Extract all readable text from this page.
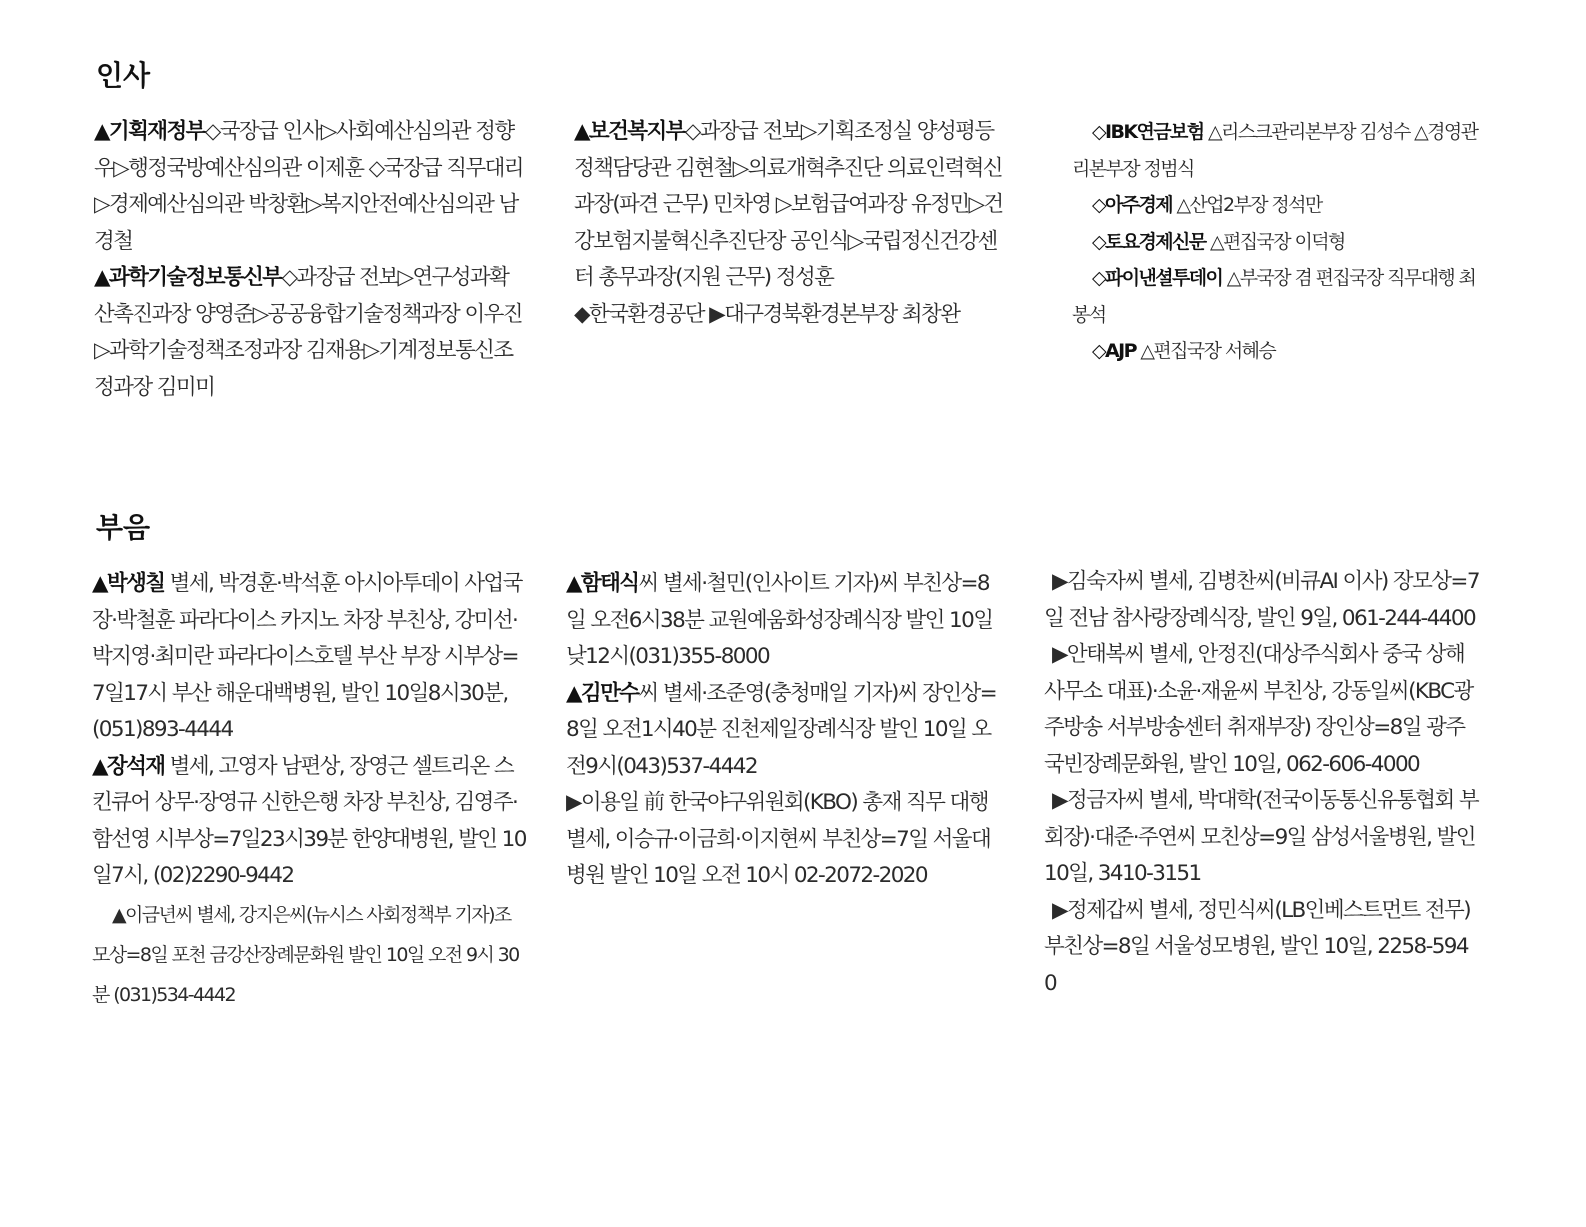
인사

▲기획재정부◇국장급 인사▷사회예산심의관 정향우▷행정국방예산심의관 이제훈 ◇국장급 직무대리▷경제예산심의관 박창환▷복지안전예산심의관 남경철

▲과학기술정보통신부◇과장급 전보▷연구성과확산촉진과장 양영준▷공공융합기술정책과장 이우진 ▷과학기술정책조정과장 김재용▷기계정보통신조정과장 김미미

▲보건복지부◇과장급 전보▷기획조정실 양성평등정책담당관 김현철▷의료개혁추진단 의료인력혁신과장(파견 근무) 민차영 ▷보험급여과장 유정민▷건강보험지불혁신추진단장 공인식▷국립정신건강센터 총무과장(지원 근무) 정성훈

◆한국환경공단 ▶대구경북환경본부장 최창완

◇IBK연금보험 △리스크관리본부장 김성수 △경영관리본부장 정범식

◇아주경제 △산업2부장 정석만

◇토요경제신문 △편집국장 이덕형

◇파이낸셜투데이 △부국장 겸 편집국장 직무대행 최봉석

◇AJP △편집국장 서혜승

부음

▲박생칠 별세, 박경훈·박석훈 아시아투데이 사업국장·박철훈 파라다이스 카지노 차장 부친상, 강미선·박지영·최미란 파라다이스호텔 부산 부장 시부상=7일17시 부산 해운대백병원, 발인 10일8시30분, (051)893-4444

▲장석재 별세, 고영자 남편상, 장영근 셀트리온 스킨큐어 상무·장영규 신한은행 차장 부친상, 김영주·함선영 시부상=7일23시39분 한양대병원, 발인 10일7시, (02)2290-9442

▲이금년씨 별세, 강지은씨(뉴시스 사회정책부 기자)조모상=8일 포천 금강산장례문화원 발인 10일 오전 9시 30분 (031)534-4442

▲함태식씨 별세·철민(인사이트 기자)씨 부친상=8일 오전6시38분 교원예움화성장례식장 발인 10일 낮12시(031)355-8000

▲김만수씨 별세·조준영(충청매일 기자)씨 장인상=8일 오전1시40분 진천제일장례식장 발인 10일 오전9시(043)537-4442

▶이용일 前 한국야구위원회(KBO) 총재 직무 대행 별세, 이승규·이금희·이지현씨 부친상=7일 서울대병원 발인 10일 오전 10시 02-2072-2020

▶김숙자씨 별세, 김병찬씨(비큐AI 이사) 장모상=7일 전남 참사랑장례식장, 발인 9일, 061-244-4400

▶안태복씨 별세, 안정진(대상주식회사 중국 상해사무소 대표)·소윤·재윤씨 부친상, 강동일씨(KBC광주방송 서부방송센터 취재부장) 장인상=8일 광주 국빈장례문화원, 발인 10일, 062-606-4000

▶정금자씨 별세, 박대학(전국이동통신유통협회 부회장)·대준·주연씨 모친상=9일 삼성서울병원, 발인 10일, 3410-3151

▶정제갑씨 별세, 정민식씨(LB인베스트먼트 전무) 부친상=8일 서울성모병원, 발인 10일, 2258-5940
